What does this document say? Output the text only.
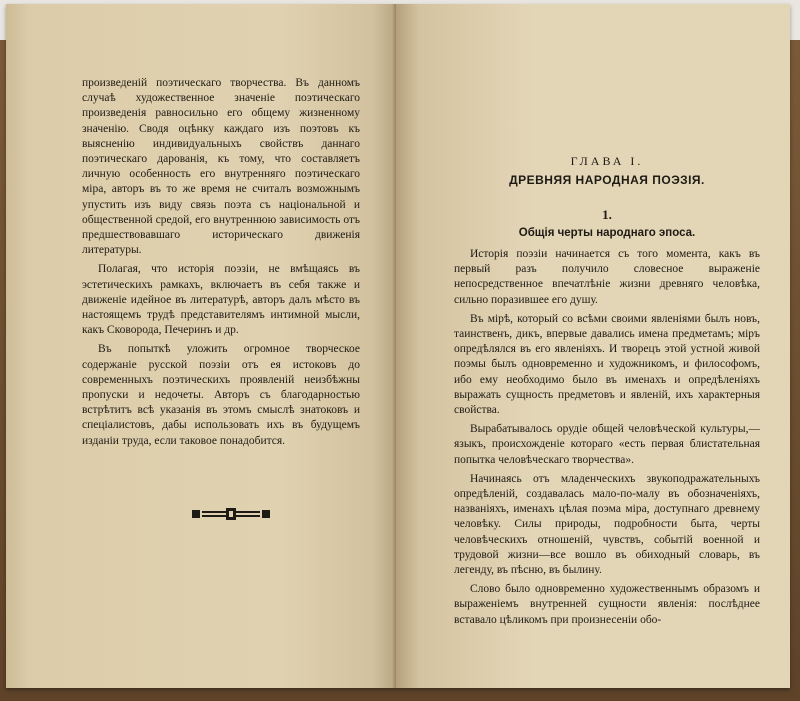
произведеній поэтическаго творчества. Въ данномъ случаѣ художественное значеніе поэтическаго произведенія равносильно его общему жизненному значенію. Сводя оцѣнку каждаго изъ поэтовъ къ выясненію индивидуальныхъ свойствъ даннаго поэтическаго дарованія, къ тому, что составляетъ личную особенность его внутренняго поэтическаго міра, авторъ въ то же время не считалъ возможнымъ упустить изъ виду связь поэта съ національной и общественной средой, его внутреннюю зависимость отъ предшествовавшаго историческаго движенія литературы.

Полагая, что исторія поэзіи, не вмѣщаясь въ эстетическихъ рамкахъ, включаетъ въ себя также и движеніе идейное въ литературѣ, авторъ далъ мѣсто въ настоящемъ трудѣ представителямъ интимной мысли, какъ Сковорода, Печеринъ и др.

Въ попыткѣ уложить огромное творческое содержаніе русской поэзіи отъ ея истоковъ до современныхъ поэтическихъ проявленій неизбѣжны пропуски и недочеты. Авторъ съ благодарностью встрѣтитъ всѣ указанія въ этомъ смыслѣ знатоковъ и спеціалистовъ, дабы использовать ихъ въ будущемъ изданіи труда, если таковое понадобится.

ГЛАВА I.
ДРЕВНЯЯ НАРОДНАЯ ПОЭЗІЯ.
1.
Общія черты народнаго эпоса.

Исторія поэзіи начинается съ того момента, какъ въ первый разъ получило словесное выраженіе непосредственное впечатлѣніе жизни древняго человѣка, сильно поразившее его душу.

Въ мірѣ, который со всѣми своими явленіями былъ новъ, таинственъ, дикъ, впервые давались имена предметамъ; міръ опредѣлялся въ его явленіяхъ. И творецъ этой устной живой поэмы былъ одновременно и художникомъ, и философомъ, ибо ему необходимо было въ именахъ и опредѣленіяхъ выражать сущность предметовъ и явленій, ихъ характерныя свойства.

Вырабатывалось орудіе общей человѣческой культуры,—языкъ, происхожденіе котораго «есть первая блистательная попытка человѣческаго творчества».

Начинаясь отъ младенческихъ звукоподражательныхъ опредѣленій, создавалась мало-по-малу въ обозначеніяхъ, названіяхъ, именахъ цѣлая поэма міра, доступнаго древнему человѣку. Силы природы, подробности быта, черты человѣческихъ отношеній, чувствъ, событій военной и трудовой жизни—все вошло въ обиходный словарь, въ легенду, въ пѣсню, въ былину.

Слово было одновременно художественнымъ образомъ и выраженіемъ внутренней сущности явленія: послѣднее вставало цѣликомъ при произнесеніи обо-
